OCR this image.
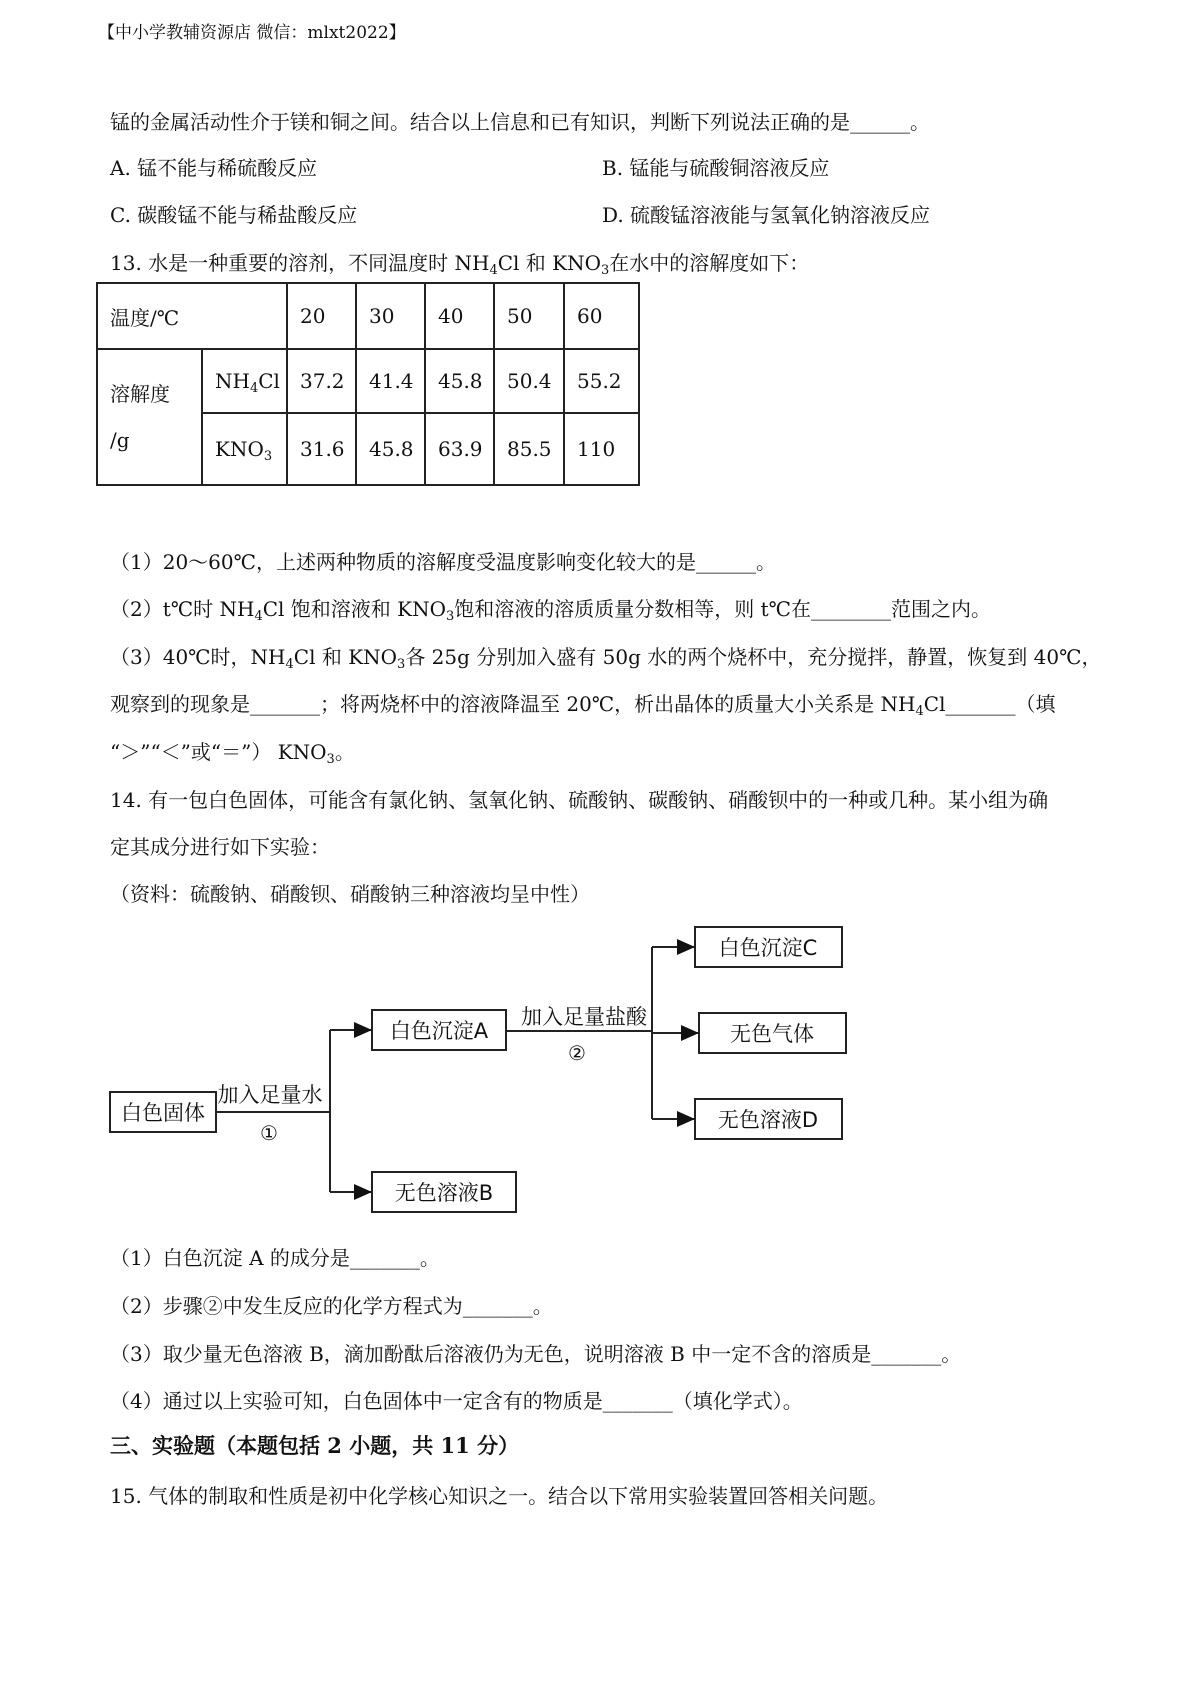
【中小学教辅资源店 微信：mlxt2022】
锰的金属活动性介于镁和铜之间。结合以上信息和已有知识，判断下列说法正确的是______。
A. 锰不能与稀硫酸反应	B. 锰能与硫酸铜溶液反应
C. 碳酸锰不能与稀盐酸反应	D. 硫酸锰溶液能与氢氧化钠溶液反应
13. 水是一种重要的溶剂，不同温度时 $NH_4Cl$ 和 $KNO_3$在水中的溶解度如下：
温度/℃		20	30	40	50	60
溶解度
/g	$NH_4Cl$	37.2	41.4	45.8	50.4	55.2
	$KNO_3$	31.6	45.8	63.9	85.5	110
（1）20～60℃，上述两种物质的溶解度受温度影响变化较大的是______。
（2）t℃时 $NH_4Cl$ 饱和溶液和 $KNO_3$饱和溶液的溶质质量分数相等，则 t℃在________范围之内。
（3）40℃时，$NH_4Cl$ 和 $KNO_3$各 25g 分别加入盛有 50g 水的两个烧杯中，充分搅拌，静置，恢复到 40℃，
观察到的现象是_______；将两烧杯中的溶液降温至 20℃，析出晶体的质量大小关系是 $NH_4Cl\_\_\_\_\_\_\_$（填
“＞”“＜”或“＝”） $KNO_3$。
14. 有一包白色固体，可能含有氯化钠、氢氧化钠、硫酸钠、碳酸钠、硝酸钡中的一种或几种。某小组为确
定其成分进行如下实验：
（资料：硫酸钠、硝酸钡、硝酸钠三种溶液均呈中性）
白色固体
加入足量水
①
白色沉淀A
无色溶液B
加入足量盐酸
②
白色沉淀C
无色气体
无色溶液D
（1）白色沉淀 A 的成分是_______。
（2）步骤②中发生反应的化学方程式为_______。
（3）取少量无色溶液 B，滴加酚酞后溶液仍为无色，说明溶液 B 中一定不含的溶质是_______。
（4）通过以上实验可知，白色固体中一定含有的物质是_______（填化学式）。
三、实验题（本题包括 2 小题，共 11 分）
15. 气体的制取和性质是初中化学核心知识之一。结合以下常用实验装置回答相关问题。
